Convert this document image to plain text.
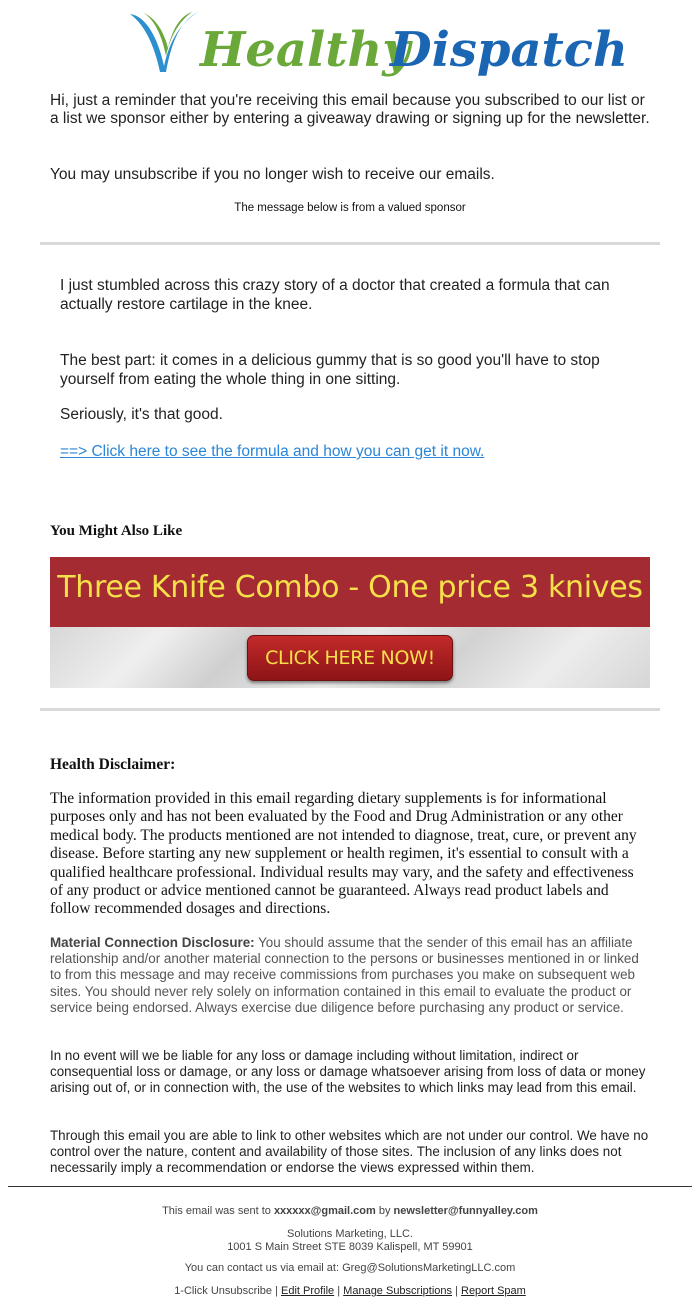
Healthy
Dispatch

Hi, just a reminder that you're receiving this email because you subscribed to our list or a list we sponsor either by entering a giveaway drawing or signing up for the newsletter.

You may unsubscribe if you no longer wish to receive our emails.

The message below is from a valued sponsor

I just stumbled across this crazy story of a doctor that created a formula that can actually restore cartilage in the knee.

The best part: it comes in a delicious gummy that is so good you'll have to stop yourself from eating the whole thing in one sitting.

Seriously, it's that good.

==> Click here to see the formula and how you can get it now.
You Might Also Like
Three Knife Combo - One price 3 knives
CLICK HERE NOW!
Health Disclaimer:

The information provided in this email regarding dietary supplements is for informational purposes only and has not been evaluated by the Food and Drug Administration or any other medical body. The products mentioned are not intended to diagnose, treat, cure, or prevent any disease. Before starting any new supplement or health regimen, it's essential to consult with a qualified healthcare professional. Individual results may vary, and the safety and effectiveness of any product or advice mentioned cannot be guaranteed. Always read product labels and follow recommended dosages and directions.

Material Connection Disclosure: You should assume that the sender of this email has an affiliate relationship and/or another material connection to the persons or businesses mentioned in or linked to from this message and may receive commissions from purchases you make on subsequent web sites. You should never rely solely on information contained in this email to evaluate the product or service being endorsed. Always exercise due diligence before purchasing any product or service.

In no event will we be liable for any loss or damage including without limitation, indirect or consequential loss or damage, or any loss or damage whatsoever arising from loss of data or money arising out of, or in connection with, the use of the websites to which links may lead from this email.

Through this email you are able to link to other websites which are not under our control. We have no control over the nature, content and availability of those sites. The inclusion of any links does not necessarily imply a recommendation or endorse the views expressed within them.

This email was sent to xxxxxx@gmail.com by newsletter@funnyalley.com
Solutions Marketing, LLC.
1001 S Main Street STE 8039 Kalispell, MT 59901
You can contact us via email at: Greg@SolutionsMarketingLLC.com
1-Click Unsubscribe | Edit Profile | Manage Subscriptions | Report Spam
